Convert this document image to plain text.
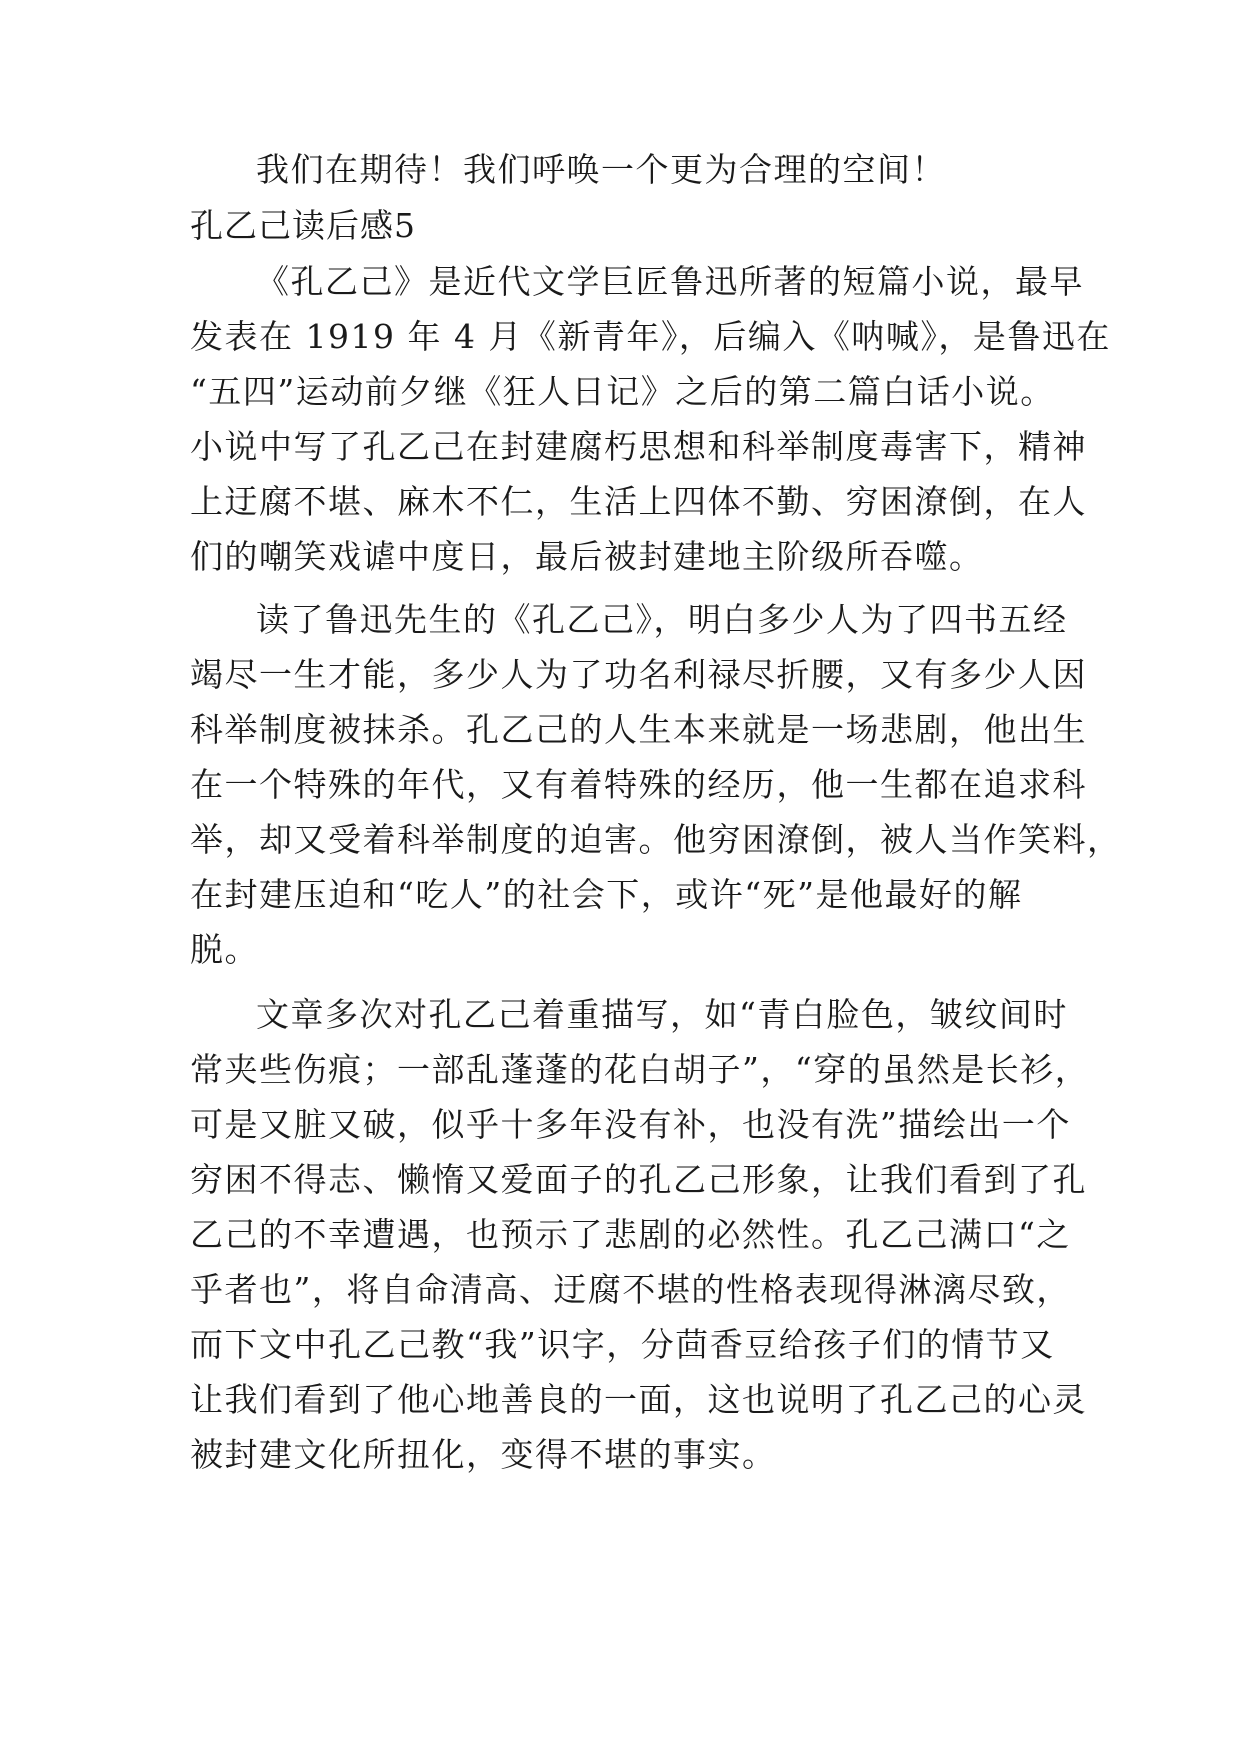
我们在期待！我们呼唤一个更为合理的空间！

孔乙己读后感5

《孔乙己》是近代文学巨匠鲁迅所著的短篇小说，最早

发表在 1919 年 4 月《新青年》，后编入《呐喊》，是鲁迅在

“五四”运动前夕继《狂人日记》之后的第二篇白话小说。

小说中写了孔乙己在封建腐朽思想和科举制度毒害下，精神

上迂腐不堪、麻木不仁，生活上四体不勤、穷困潦倒，在人

们的嘲笑戏谑中度日，最后被封建地主阶级所吞噬。

读了鲁迅先生的《孔乙己》，明白多少人为了四书五经

竭尽一生才能，多少人为了功名利禄尽折腰，又有多少人因

科举制度被抹杀。孔乙己的人生本来就是一场悲剧，他出生

在一个特殊的年代，又有着特殊的经历，他一生都在追求科

举，却又受着科举制度的迫害。他穷困潦倒，被人当作笑料，

在封建压迫和“吃人”的社会下，或许“死”是他最好的解

脱。

文章多次对孔乙己着重描写，如“青白脸色，皱纹间时

常夹些伤痕；一部乱蓬蓬的花白胡子”，“穿的虽然是长衫，

可是又脏又破，似乎十多年没有补，也没有洗”描绘出一个

穷困不得志、懒惰又爱面子的孔乙己形象，让我们看到了孔

乙己的不幸遭遇，也预示了悲剧的必然性。孔乙己满口“之

乎者也”，将自命清高、迂腐不堪的性格表现得淋漓尽致，

而下文中孔乙己教“我”识字，分茴香豆给孩子们的情节又

让我们看到了他心地善良的一面，这也说明了孔乙己的心灵

被封建文化所扭化，变得不堪的事实。
